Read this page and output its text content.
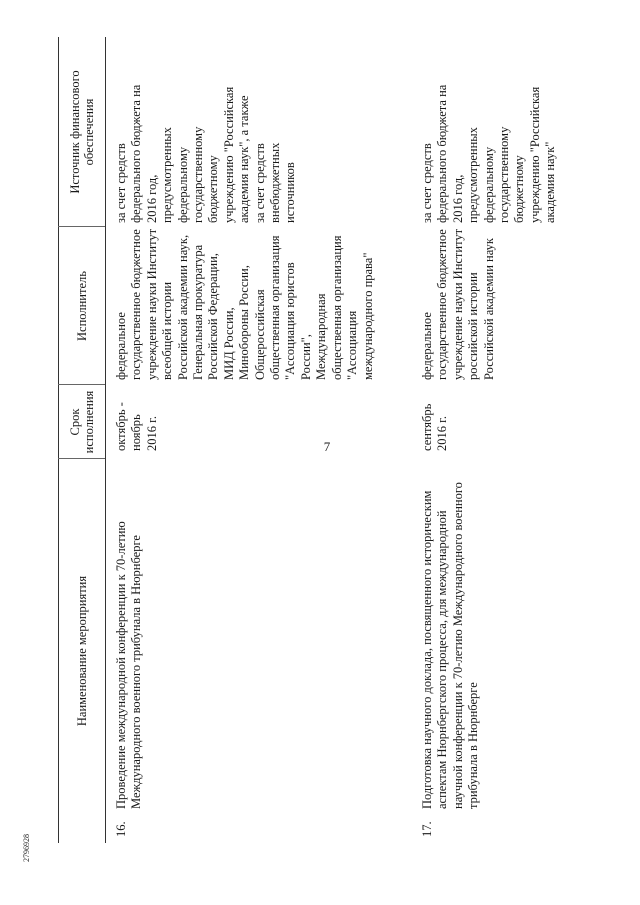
7
2796928
Наименование мероприятия
Срок исполнения
Исполнитель
Источник финансового обеспечения
16.
Проведение международной конференции к 70-летию Международного военного трибунала в Нюрнберге
октябрь - ноябрь 2016 г.
федеральное государственное бюджетное учреждение науки Институт всеобщей истории Российской академии наук, Генеральная прокуратура Российской Федерации, МИД России, Минобороны России, Общероссийская общественная организация "Ассоциация юристов России", Международная общественная организация "Ассоциация международного права"
за счет средств федерального бюджета на 2016 год, предусмотренных федеральному государственному бюджетному учреждению "Российская академия наук", а также за счет средств внебюджетных источников
17.
Подготовка научного доклада, посвященного историческим аспектам Нюрнбергского процесса, для международной научной конференции к 70-летию Международного военного трибунала в Нюрнберге
сентябрь 2016 г.
федеральное государственное бюджетное учреждение науки Институт российской истории Российской академии наук
за счет средств федерального бюджета на 2016 год, предусмотренных федеральному государственному бюджетному учреждению "Российская академия наук"
